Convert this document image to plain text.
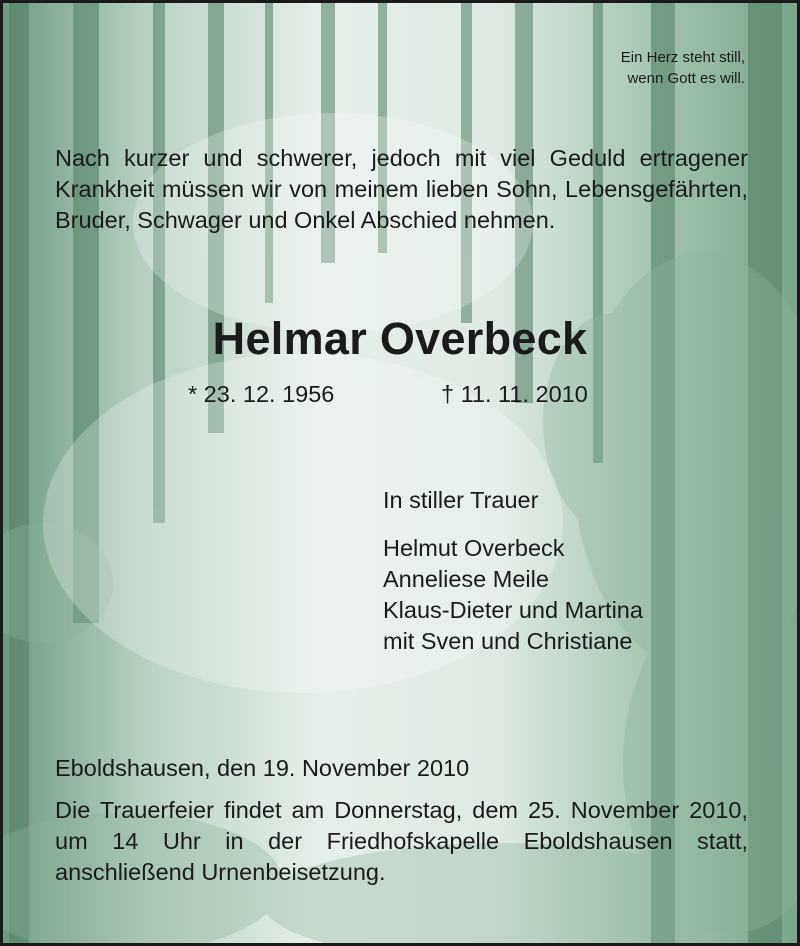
Ein Herz steht still,
wenn Gott es will.

Nach kurzer und schwerer, jedoch mit viel Geduld ertragener Krankheit müssen wir von meinem lieben Sohn, Lebensgefährten, Bruder, Schwager und Onkel Abschied nehmen.

Helmar Overbeck
* 23. 12. 1956	† 11. 11. 2010
In stiller Trauer
Helmut Overbeck
Anneliese Meile
Klaus-Dieter und Martina
mit Sven und Christiane
Eboldshausen, den 19. November 2010

Die Trauerfeier findet am Donnerstag, dem 25. November 2010, um 14 Uhr in der Friedhofskapelle Eboldshausen statt, anschließend Urnenbeisetzung.
